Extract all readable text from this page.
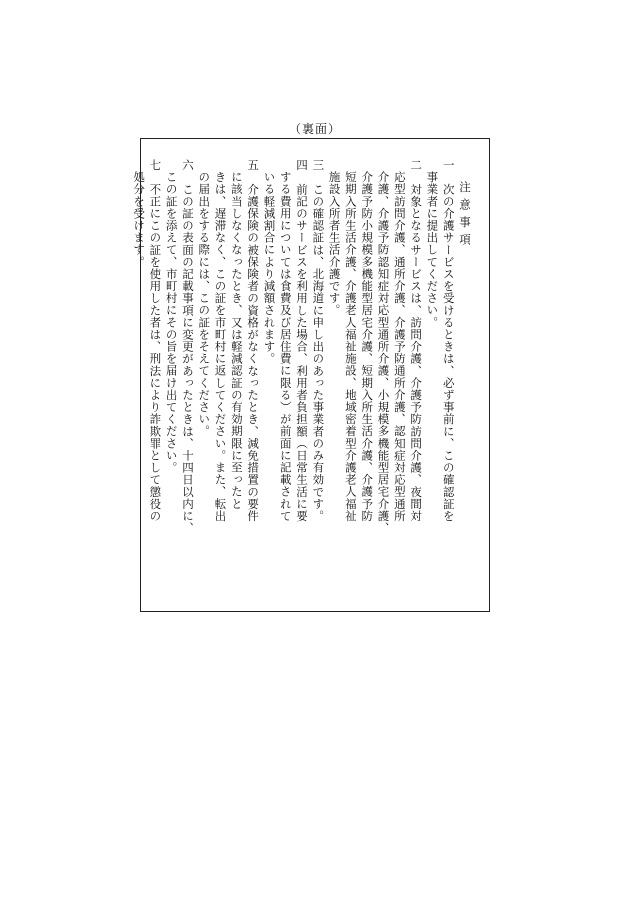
（裏面）
注意事項
一　次の介護サービスを受けるときは、必ず事前に、この確認証を
事業者に提出してください。
二　対象となるサービスは、訪問介護、介護予防訪問介護、夜間対
応型訪問介護、通所介護、介護予防通所介護、認知症対応型通所
介護、介護予防認知症対応型通所介護、小規模多機能型居宅介護、
介護予防小規模多機能型居宅介護、短期入所生活介護、介護予防
短期入所生活介護、介護老人福祉施設、地域密着型介護老人福祉
施設入所者生活介護です。
三　この確認証は、北海道に申し出のあった事業者のみ有効です。
四　前記のサービスを利用した場合、利用者負担額（日常生活に要
する費用については食費及び居住費に限る）が前面に記載されて
いる軽減割合により減額されます。
五　介護保険の被保険者の資格がなくなったとき、減免措置の要件
に該当しなくなったとき、又は軽減認証の有効期限に至ったと
きは、遅滞なく、この証を市町村に返してください。また、転出
の届出をする際には、この証をそえてください。
六　この証の表面の記載事項に変更があったときは、十四日以内に、
この証を添えて、市町村にその旨を届け出てください。
七　不正にこの証を使用した者は、刑法により詐欺罪として懲役の
処分を受けます。
